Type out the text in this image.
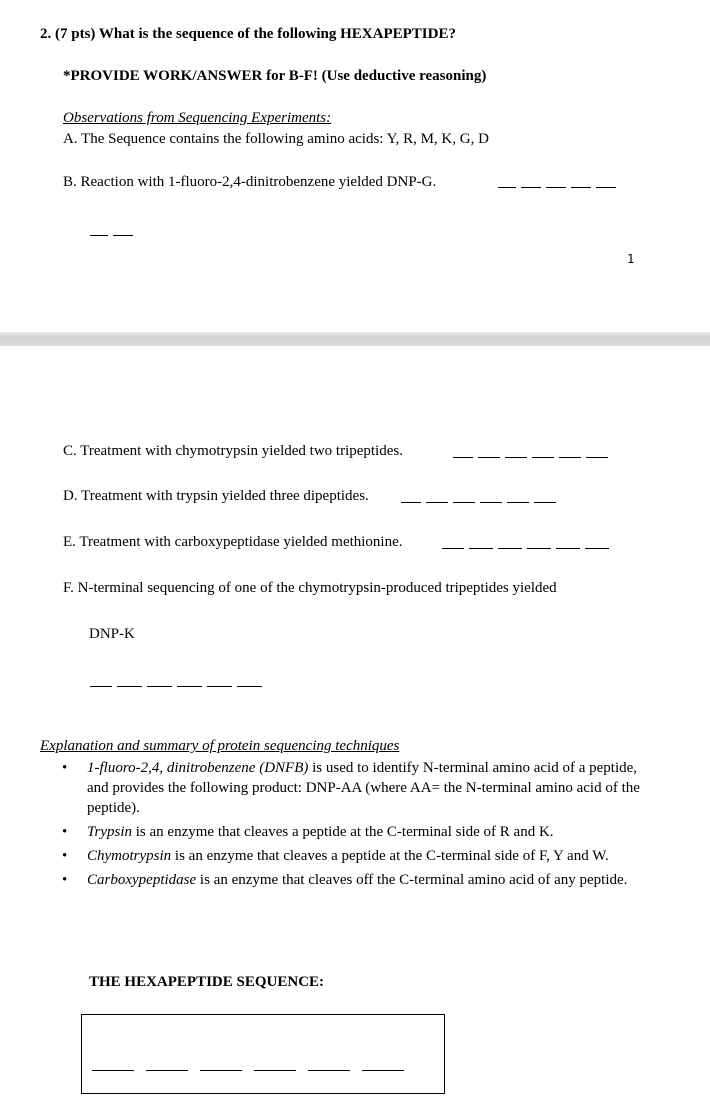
2. (7 pts) What is the sequence of the following HEXAPEPTIDE?
*PROVIDE WORK/ANSWER for B-F! (Use deductive reasoning)
Observations from Sequencing Experiments:
A. The Sequence contains the following amino acids: Y, R, M, K, G, D
B. Reaction with 1-fluoro-2,4-dinitrobenzene yielded DNP-G.
1
C. Treatment with chymotrypsin yielded two tripeptides.
D. Treatment with trypsin yielded three dipeptides.
E. Treatment with carboxypeptidase yielded methionine.
F. N-terminal sequencing of one of the chymotrypsin-produced tripeptides yielded
DNP-K
Explanation and summary of protein sequencing techniques
• 1-fluoro-2,4, dinitrobenzene (DNFB) is used to identify N-terminal amino acid of a peptide, and provides the following product: DNP-AA (where AA= the N-terminal amino acid of the peptide).
• Trypsin is an enzyme that cleaves a peptide at the C-terminal side of R and K.
• Chymotrypsin is an enzyme that cleaves a peptide at the C-terminal side of F, Y and W.
• Carboxypeptidase is an enzyme that cleaves off the C-terminal amino acid of any peptide.
THE HEXAPEPTIDE SEQUENCE:
